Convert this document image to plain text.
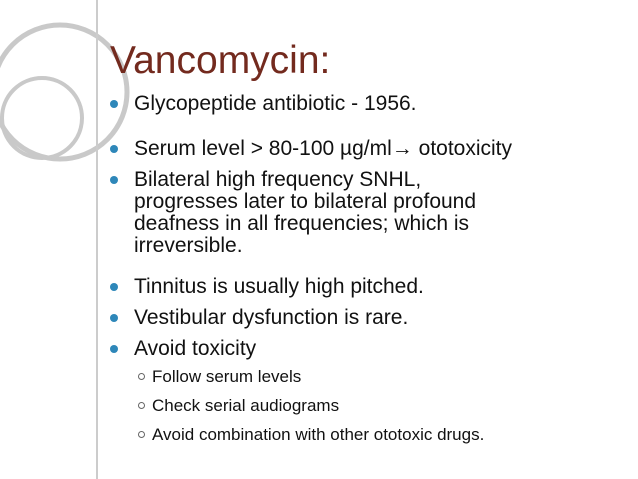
Vancomycin:
Glycopeptide antibiotic - 1956.
Serum level > 80-100 µg/ml→ ototoxicity
Bilateral high frequency SNHL,
progresses later to bilateral profound
deafness in all frequencies; which is
irreversible.
Tinnitus is usually high pitched.
Vestibular dysfunction is rare.
Avoid toxicity
Follow serum levels
Check serial audiograms
Avoid combination with other ototoxic drugs.
